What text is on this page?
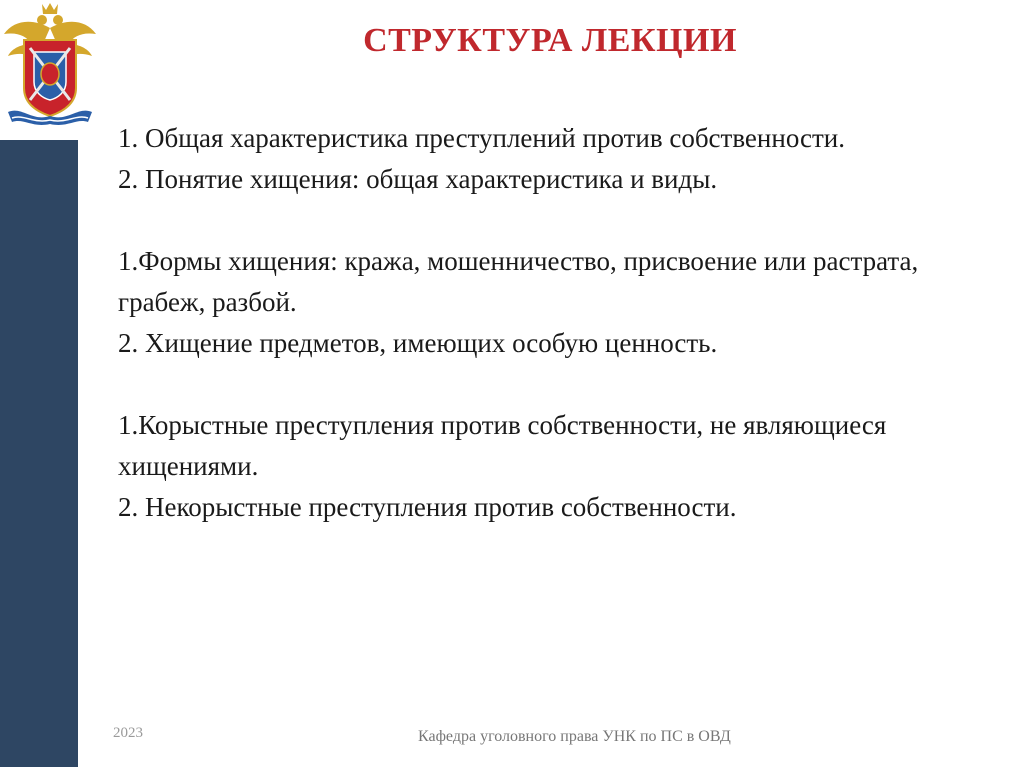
СТРУКТУРА ЛЕКЦИИ

1. Общая характеристика преступлений против собственности.

2. Понятие хищения: общая характеристика и виды.

1.Формы хищения: кража, мошенничество, присвоение или растрата, грабеж, разбой.

2. Хищение предметов, имеющих особую ценность.

1.Корыстные преступления против собственности, не являющиеся хищениями.

2. Некорыстные преступления против собственности.

2023	Кафедра уголовного права УНК по ПС в ОВД
